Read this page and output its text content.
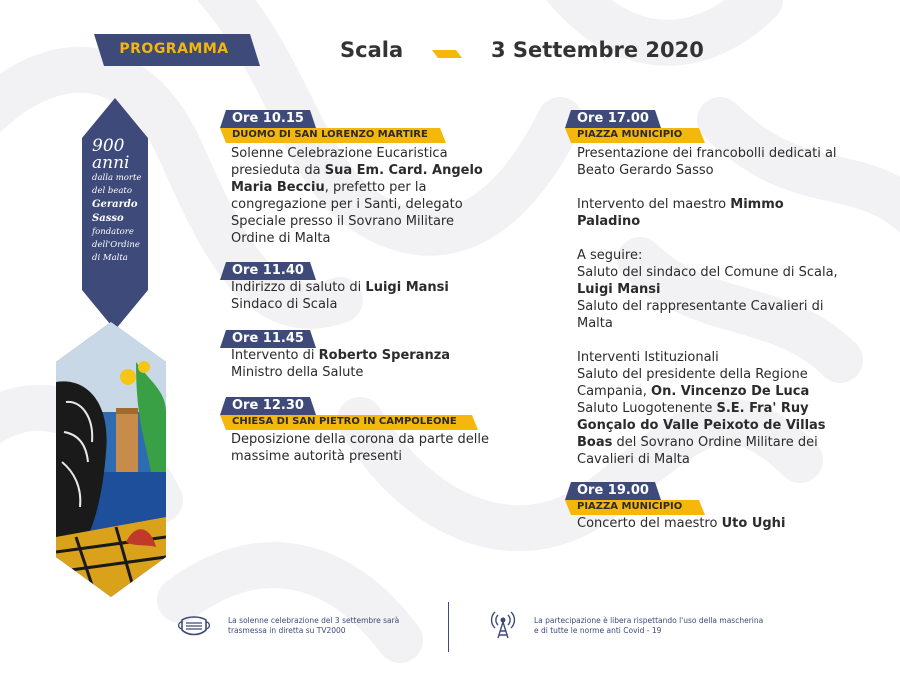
PROGRAMMA	Scala	3 Settembre 2020
900
anni
dalla morte
del beato
Gerardo
Sasso
fondatore
dell'Ordine
di Malta
Ore 10.15
DUOMO DI SAN LORENZO MARTIRE
Solenne Celebrazione Eucaristica presieduta da Sua Em. Card. Angelo Maria Becciu, prefetto per la congregazione per i Santi, delegato Speciale presso il Sovrano Militare Ordine di Malta
Ore 11.40
Indirizzo di saluto di Luigi Mansi
Sindaco di Scala
Ore 11.45
Intervento di Roberto Speranza
Ministro della Salute
Ore 12.30
CHIESA DI SAN PIETRO IN CAMPOLEONE
Deposizione della corona da parte delle massime autorità presenti
Ore 17.00
PIAZZA MUNICIPIO
Presentazione dei francobolli dedicati al Beato Gerardo Sasso
Intervento del maestro Mimmo Paladino
A seguire:
Saluto del sindaco del Comune di Scala, Luigi Mansi
Saluto del rappresentante Cavalieri di Malta
Interventi Istituzionali
Saluto del presidente della Regione Campania, On. Vincenzo De Luca
Saluto Luogotenente S.E. Fra' Ruy Gonçalo do Valle Peixoto de Villas Boas del Sovrano Ordine Militare dei Cavalieri di Malta
Ore 19.00
PIAZZA MUNICIPIO
Concerto del maestro Uto Ughi
La solenne celebrazione del 3 settembre sarà
trasmessa in diretta su TV2000
La partecipazione è libera rispettando l'uso della mascherina
e di tutte le norme anti Covid - 19
